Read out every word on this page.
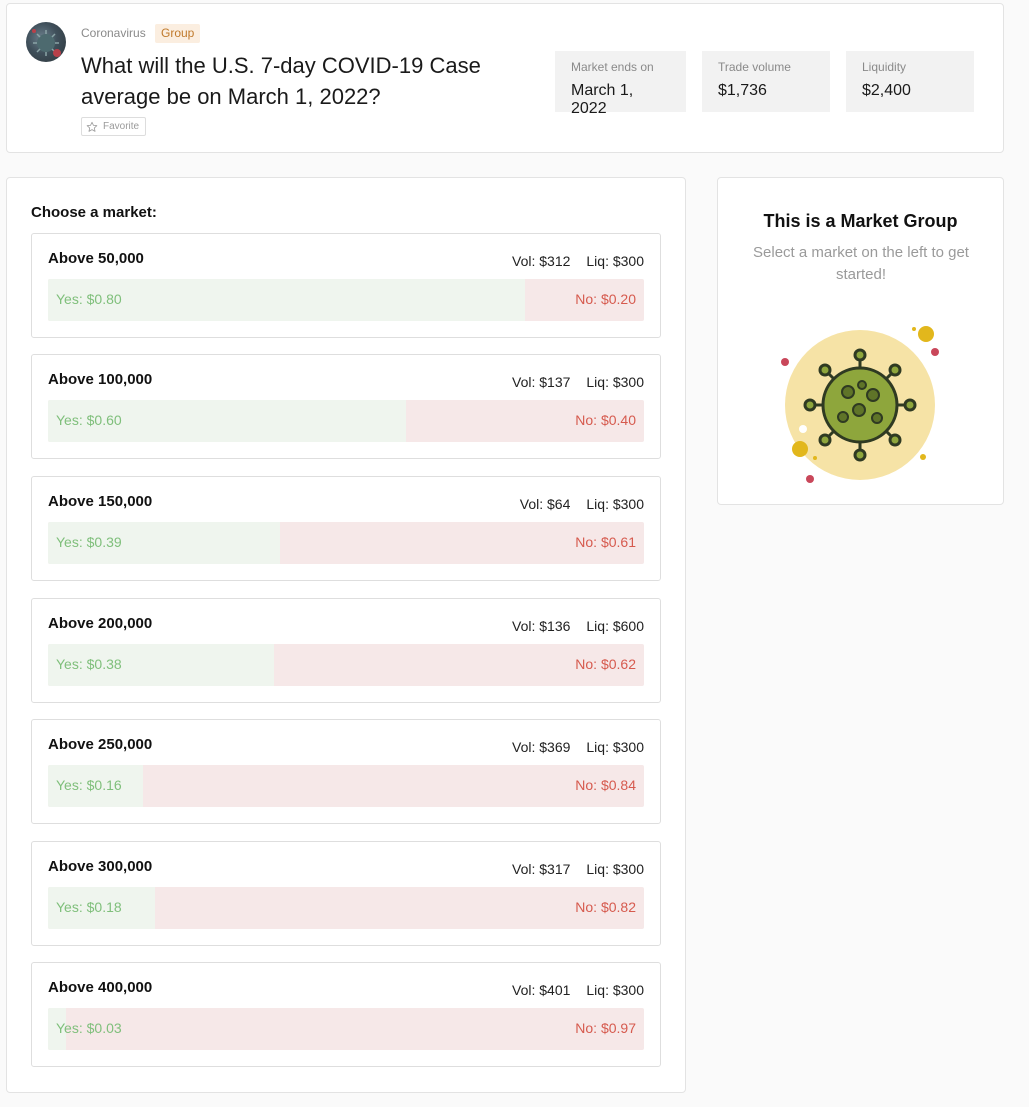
Coronavirus	Group
What will the U.S. 7-day COVID-19 Case average be on March 1, 2022?
Favorite
Market ends on
March 1, 2022
Trade volume
$1,736
Liquidity
$2,400
Choose a market:
Above 50,000	Vol: $312 Liq: $300
Yes: $0.80	No: $0.20
Above 100,000	Vol: $137 Liq: $300
Yes: $0.60	No: $0.40
Above 150,000	Vol: $64 Liq: $300
Yes: $0.39	No: $0.61
Above 200,000	Vol: $136 Liq: $600
Yes: $0.38	No: $0.62
Above 250,000	Vol: $369 Liq: $300
Yes: $0.16	No: $0.84
Above 300,000	Vol: $317 Liq: $300
Yes: $0.18	No: $0.82
Above 400,000	Vol: $401 Liq: $300
Yes: $0.03	No: $0.97
This is a Market Group
Select a market on the left to get started!
